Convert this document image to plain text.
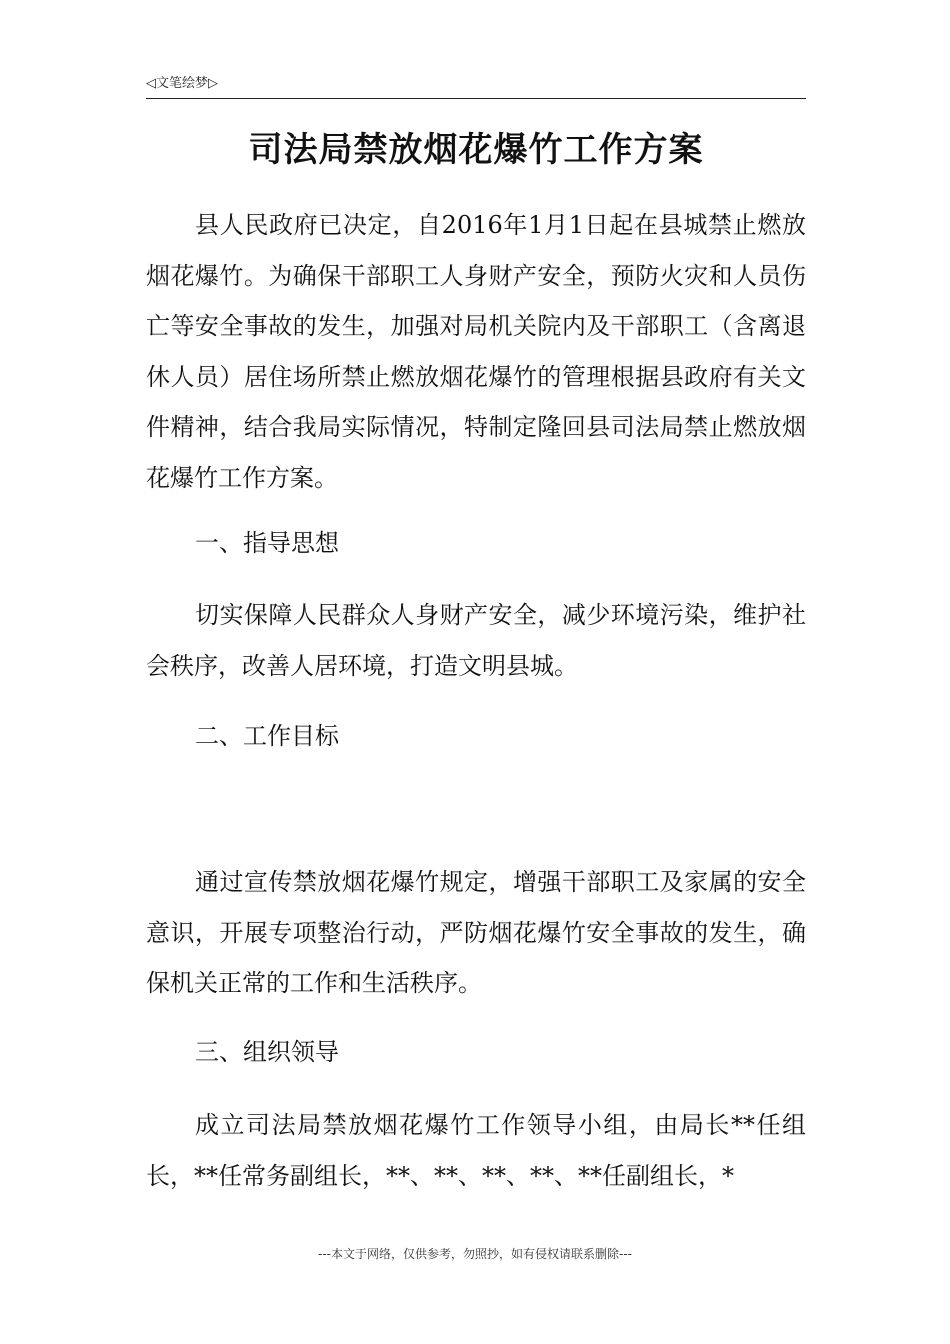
◁文笔绘梦▷
司法局禁放烟花爆竹工作方案

县人民政府已决定，自2016年1月1日起在县城禁止燃放烟花爆竹。为确保干部职工人身财产安全，预防火灾和人员伤亡等安全事故的发生，加强对局机关院内及干部职工（含离退休人员）居住场所禁止燃放烟花爆竹的管理根据县政府有关文件精神，结合我局实际情况，特制定隆回县司法局禁止燃放烟花爆竹工作方案。

一、指导思想

切实保障人民群众人身财产安全，减少环境污染，维护社会秩序，改善人居环境，打造文明县城。

二、工作目标

通过宣传禁放烟花爆竹规定，增强干部职工及家属的安全意识，开展专项整治行动，严防烟花爆竹安全事故的发生，确保机关正常的工作和生活秩序。

三、组织领导

成立司法局禁放烟花爆竹工作领导小组，由局长**任组长，**任常务副组长，**、**、**、**、**任副组长，*

---本文于网络，仅供参考，勿照抄，如有侵权请联系删除---
